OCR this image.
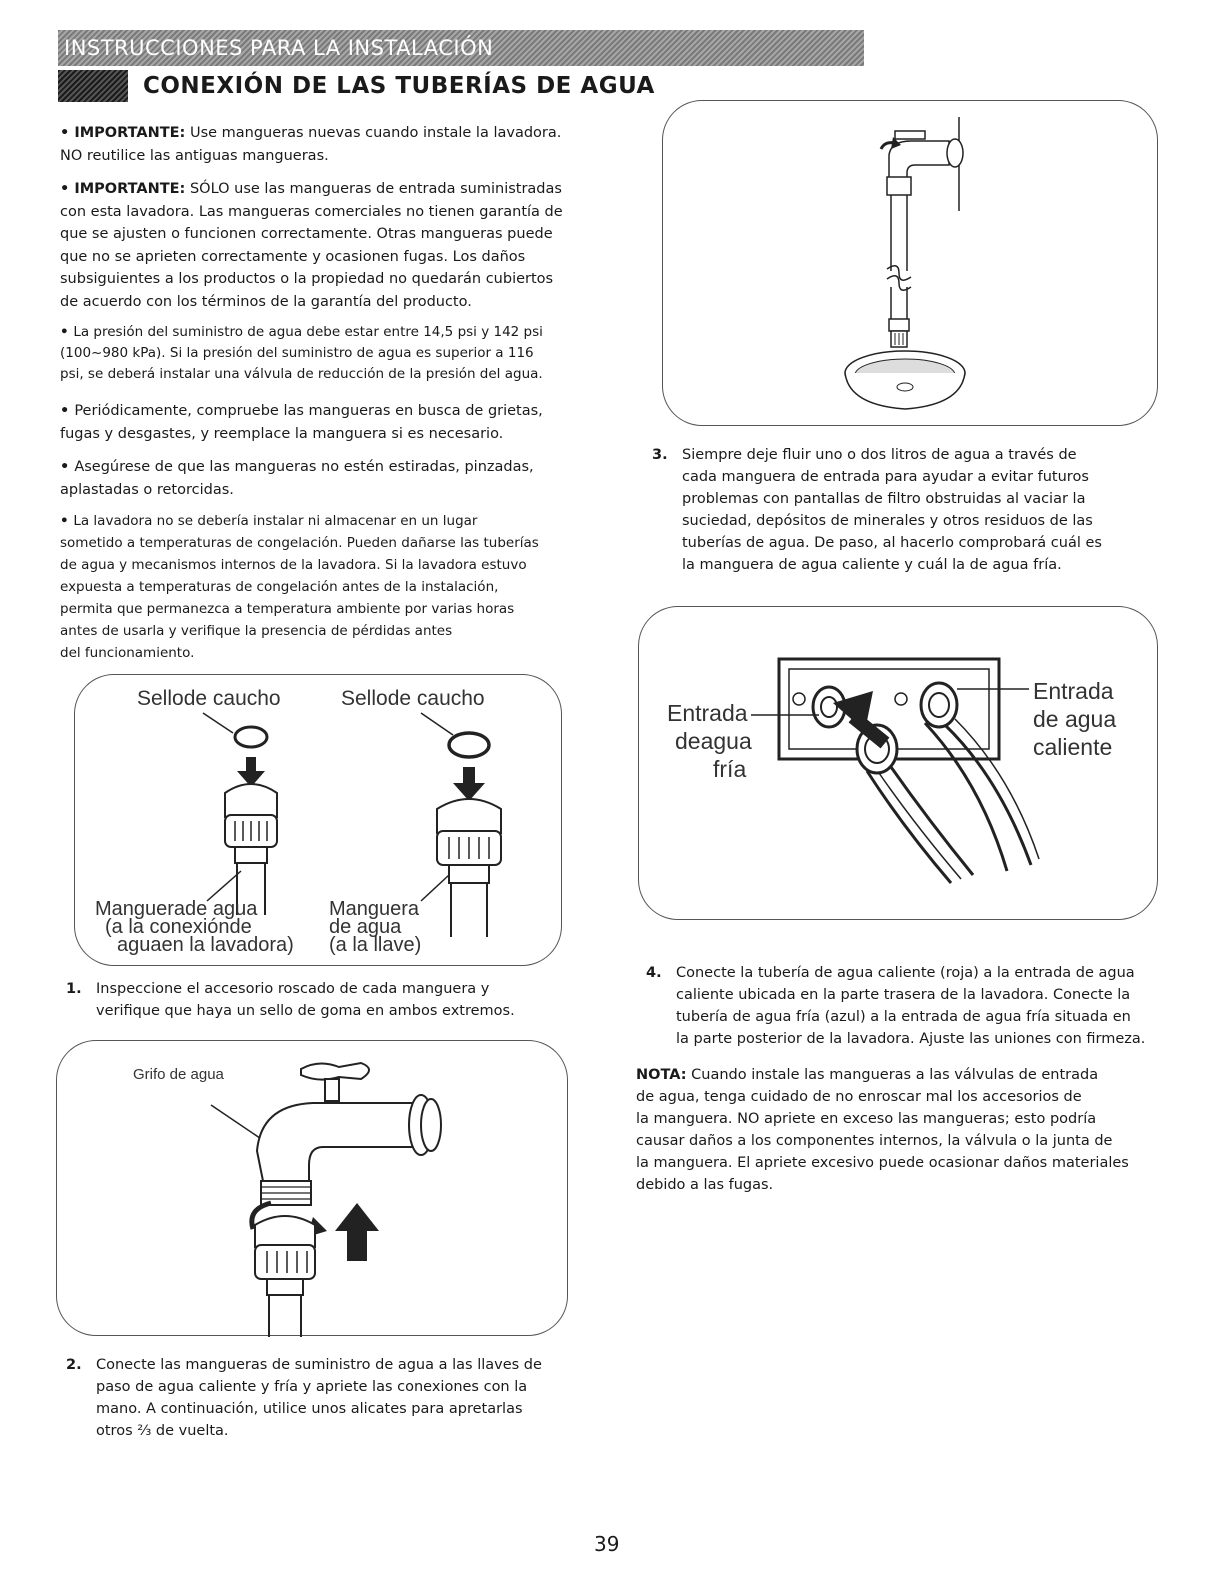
INSTRUCCIONES PARA LA INSTALACIÓN
CONEXIÓN DE LAS TUBERÍAS DE AGUA
• IMPORTANTE: Use mangueras nuevas cuando instale la lavadora.
NO reutilice las antiguas mangueras.
• IMPORTANTE: SÓLO use las mangueras de entrada suministradas
con esta lavadora. Las mangueras comerciales no tienen garantía de
que se ajusten o funcionen correctamente. Otras mangueras puede
que no se aprieten correctamente y ocasionen fugas. Los daños
subsiguientes a los productos o la propiedad no quedarán cubiertos
de acuerdo con los términos de la garantía del producto.
• La presión del suministro de agua debe estar entre 14,5 psi y 142 psi
(100~980 kPa). Si la presión del suministro de agua es superior a 116
psi, se deberá instalar una válvula de reducción de la presión del agua.
• Periódicamente, compruebe las mangueras en busca de grietas,
fugas y desgastes, y reemplace la manguera si es necesario.
• Asegúrese de que las mangueras no estén estiradas, pinzadas,
aplastadas o retorcidas.
• La lavadora no se debería instalar ni almacenar en un lugar
sometido a temperaturas de congelación. Pueden dañarse las tuberías
de agua y mecanismos internos de la lavadora. Si la lavadora estuvo
expuesta a temperaturas de congelación antes de la instalación,
permita que permanezca a temperatura ambiente por varias horas
antes de usarla y verifique la presencia de pérdidas antes
del funcionamiento.
Sellode caucho	Sellode caucho
Manguerade agua
(a la conexiónde
aguaen la lavadora)
Manguera
de agua
(a la llave)
1. Inspeccione el accesorio roscado de cada manguera y
verifique que haya un sello de goma en ambos extremos.
Grifo de agua
2. Conecte las mangueras de suministro de agua a las llaves de
paso de agua caliente y fría y apriete las conexiones con la
mano. A continuación, utilice unos alicates para apretarlas
otros ⅔ de vuelta.
3. Siempre deje fluir uno o dos litros de agua a través de
cada manguera de entrada para ayudar a evitar futuros
problemas con pantallas de filtro obstruidas al vaciar la
suciedad, depósitos de minerales y otros residuos de las
tuberías de agua. De paso, al hacerlo comprobará cuál es
la manguera de agua caliente y cuál la de agua fría.
Entrada
deagua
fría
Entrada
de agua
caliente
4. Conecte la tubería de agua caliente (roja) a la entrada de agua
caliente ubicada en la parte trasera de la lavadora. Conecte la
tubería de agua fría (azul) a la entrada de agua fría situada en
la parte posterior de la lavadora. Ajuste las uniones con firmeza.
NOTA: Cuando instale las mangueras a las válvulas de entrada
de agua, tenga cuidado de no enroscar mal los accesorios de
la manguera. NO apriete en exceso las mangueras; esto podría
causar daños a los componentes internos, la válvula o la junta de
la manguera. El apriete excesivo puede ocasionar daños materiales
debido a las fugas.
39
